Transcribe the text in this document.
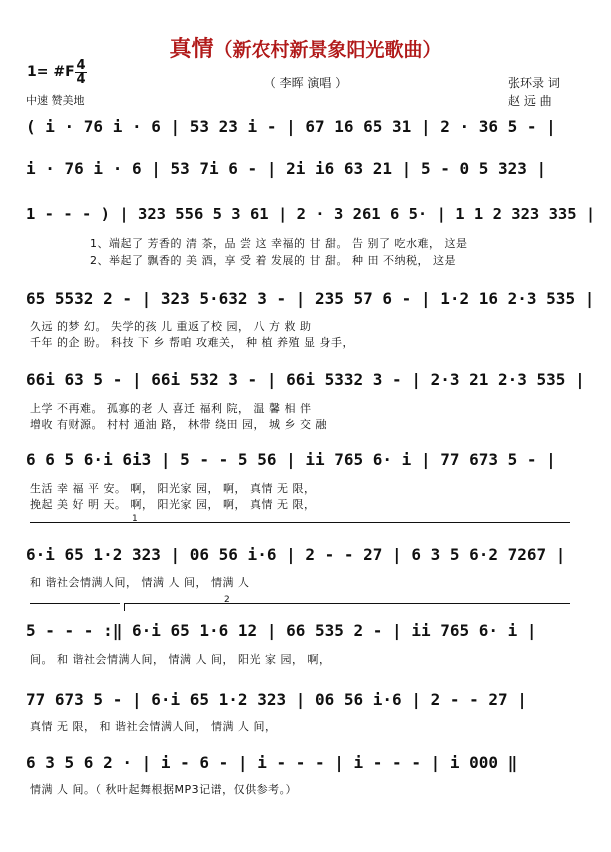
真情（新农村新景象阳光歌曲）
（ 李晖 演唱 ）
1= #F 4
4
中速 赞美地
张环录 词
赵 远 曲
( i · 76 i · 6 | 53 23 i - | 67 16 65 31 | 2 · 36 5 - |
i · 76 i · 6 | 53 7i 6 - | 2i i6 63 21 | 5 - 0 5 323 |
1 - - - ) | 323 556 5 3 61 | 2 · 3 261 6 5· | 1 1 2 323 335 |
1、端起了 芳香的 清 茶，品 尝 这 幸福的 甘 甜。 告 别了 吃水难， 这是
2、举起了 飘香的 美 酒，享 受 着 发展的 甘 甜。 种 田 不纳税， 这是
65 5532 2 - | 323 5·632 3 - | 235 57 6 - | 1·2 16 2·3 535 |
久远 的梦 幻。 失学的孩 儿 重返了校 园， 八 方 救 助
千年 的企 盼。 科技 下 乡 帮咱 攻难关， 种 植 养殖 显 身手，
66i 63 5 - | 66i 532 3 - | 66i 5332 3 - | 2·3 21 2·3 535 |
上学 不再难。 孤寡的老 人 喜迁 福利 院， 温 馨 相 伴
增收 有财源。 村村 通油 路， 林带 绕田 园， 城 乡 交 融
6 6 5 6·i 6i3 | 5 - - 5 56 | ii 765 6· i | 77 673 5 - |
生活 幸 福 平 安。 啊， 阳光家 园， 啊， 真情 无 限，
挽起 美 好 明 天。 啊， 阳光家 园， 啊， 真情 无 限，
1
6·i 65 1·2 323 | 06 56 i·6 | 2 - - 27 | 6 3 5 6·2 7267 |
和 谐社会情满人间， 情满 人 间， 情满 人
2
5 - - - :‖ 6·i 65 1·6 12 | 66 535 2 - | ii 765 6· i |
间。 和 谐社会情满人间， 情满 人 间， 阳光 家 园， 啊，
77 673 5 - | 6·i 65 1·2 323 | 06 56 i·6 | 2 - - 27 |
真情 无 限， 和 谐社会情满人间， 情满 人 间，
6 3 5 6 2 · | i - 6 - | i - - - | i - - - | i 000 ‖
情满 人 间。（ 秋叶起舞根据MP3记谱，仅供参考。）
